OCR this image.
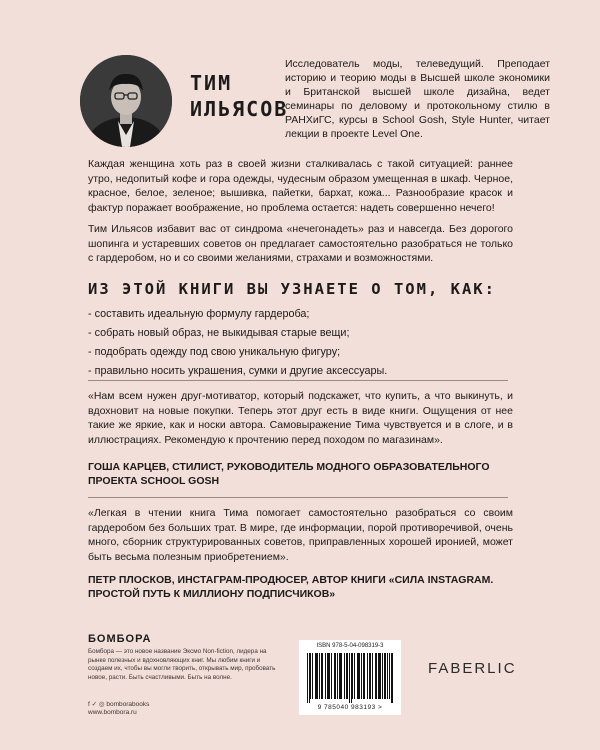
ТИМ
ИЛЬЯСОВ
Исследователь моды, телеведущий. Преподает историю и теорию моды в Высшей школе экономики и Британской высшей школе дизайна, ведет семинары по деловому и протокольному стилю в РАНХиГС, курсы в School Gosh, Style Hunter, читает лекции в проекте Level One.
Каждая женщина хоть раз в своей жизни сталкивалась с такой ситуацией: раннее утро, недопитый кофе и гора одежды, чудесным образом умещенная в шкаф. Черное, красное, белое, зеленое; вышивка, пайетки, бархат, кожа... Разнообразие красок и фактур поражает воображение, но проблема остается: надеть совершенно нечего!
Тим Ильясов избавит вас от синдрома «нечегонадеть» раз и навсегда. Без дорогого шопинга и устаревших советов он предлагает самостоятельно разобраться не только с гардеробом, но и со своими желаниями, страхами и возможностями.
ИЗ ЭТОЙ КНИГИ ВЫ УЗНАЕТЕ О ТОМ, КАК:
- составить идеальную формулу гардероба;
- собрать новый образ, не выкидывая старые вещи;
- подобрать одежду под свою уникальную фигуру;
- правильно носить украшения, сумки и другие аксессуары.
«Нам всем нужен друг-мотиватор, который подскажет, что купить, а что выкинуть, и вдохновит на новые покупки. Теперь этот друг есть в виде книги. Ощущения от нее такие же яркие, как и носки автора. Самовыражение Тима чувствуется и в слоге, и в иллюстрациях. Рекомендую к прочтению перед походом по магазинам».
ГОША КАРЦЕВ, СТИЛИСТ, РУКОВОДИТЕЛЬ МОДНОГО ОБРАЗОВАТЕЛЬНОГО ПРОЕКТА SCHOOL GOSH
«Легкая в чтении книга Тима помогает самостоятельно разобраться со своим гардеробом без больших трат. В мире, где информации, порой противоречивой, очень много, сборник структурированных советов, приправленных хорошей иронией, может быть весьма полезным приобретением».
ПЕТР ПЛОСКОВ, ИНСТАГРАМ-ПРОДЮСЕР, АВТОР КНИГИ «СИЛА INSTAGRAM. ПРОСТОЙ ПУТЬ К МИЛЛИОНУ ПОДПИСЧИКОВ»
БОМБОРА
Бомбора — это новое название Эксмо Non-fiction, лидера на рынке полезных и вдохновляющих книг. Мы любим книги и создаем их, чтобы вы могли творить, открывать мир, пробовать новое, расти. Быть счастливыми. Быть на волне.
f ✓ ◎ bomborabooks
www.bombora.ru
ISBN 978-5-04-098319-3
9 785040 983193 >
FABERLIC
